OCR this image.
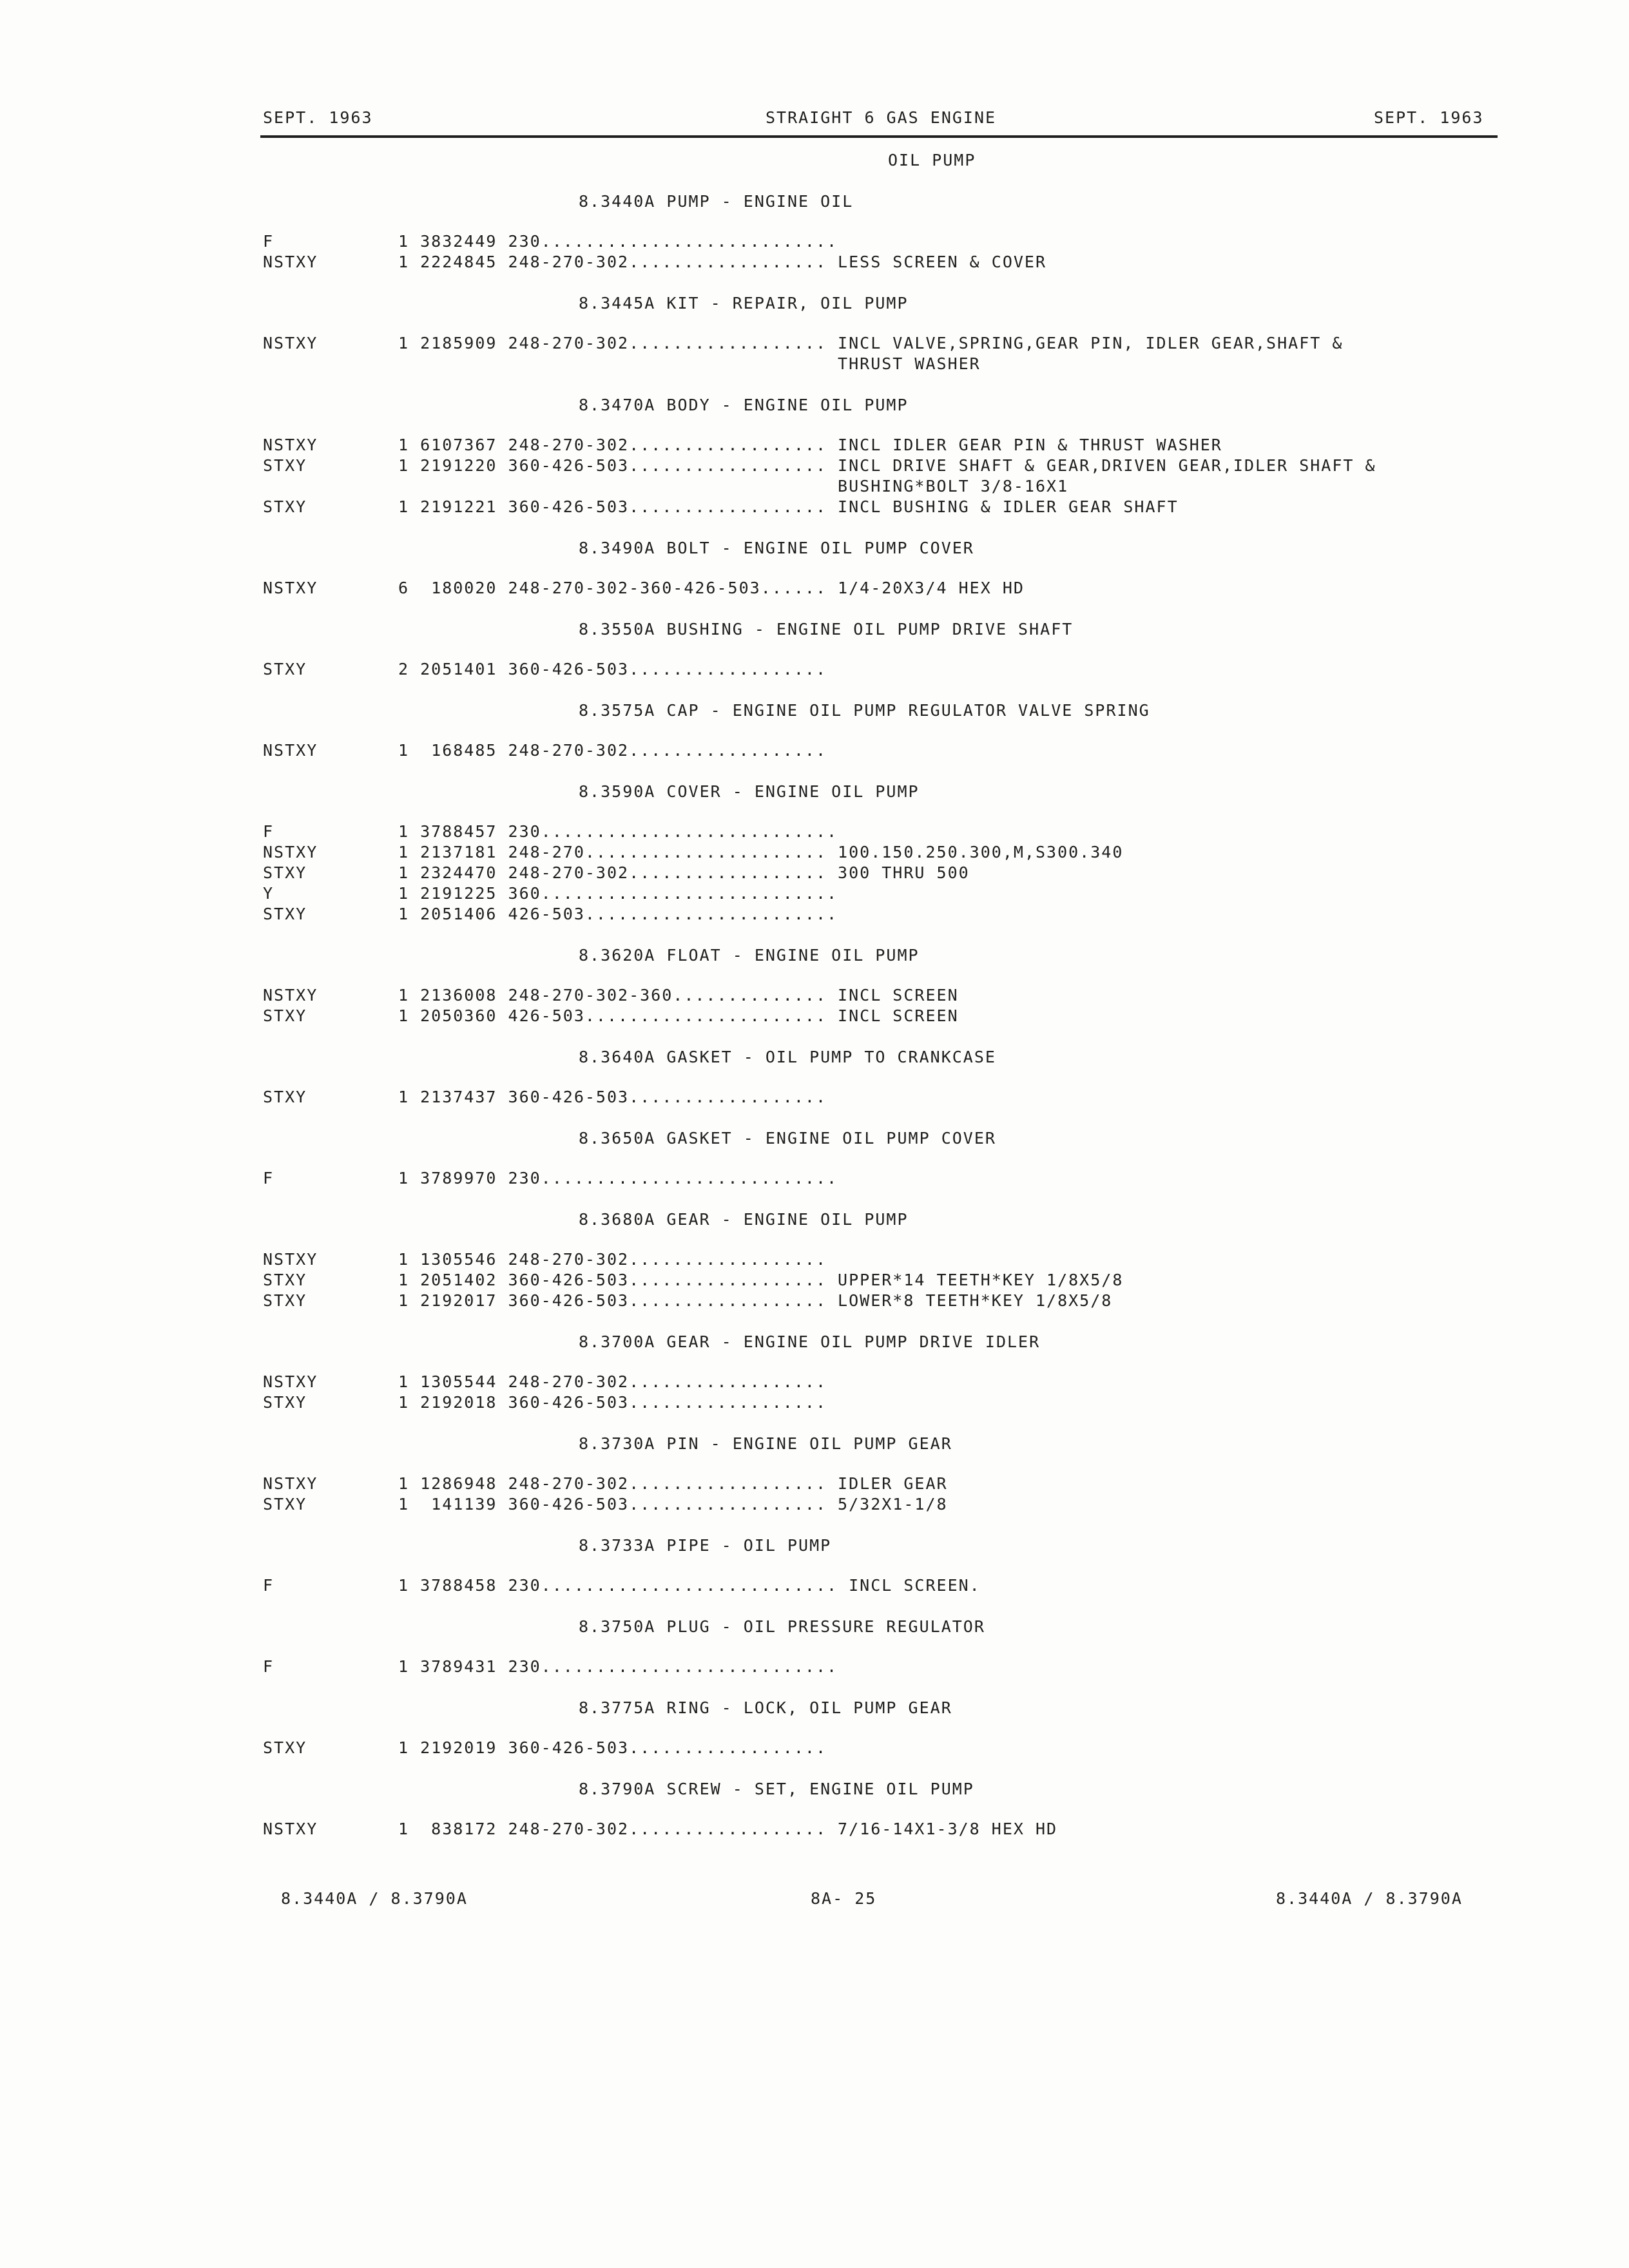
SEPT. 1963	STRAIGHT 6 GAS ENGINE	SEPT. 1963
OIL PUMP
8.3440A PUMP - ENGINE OIL
F	1 3832449 230...........................
NSTXY	1 2224845 248-270-302.................. LESS SCREEN & COVER
8.3445A KIT - REPAIR, OIL PUMP
NSTXY	1 2185909 248-270-302.................. INCL VALVE,SPRING,GEAR PIN, IDLER GEAR,SHAFT &
THRUST WASHER
8.3470A BODY - ENGINE OIL PUMP
NSTXY	1 6107367 248-270-302.................. INCL IDLER GEAR PIN & THRUST WASHER
STXY	1 2191220 360-426-503.................. INCL DRIVE SHAFT & GEAR,DRIVEN GEAR,IDLER SHAFT &
BUSHING*BOLT 3/8-16X1
STXY	1 2191221 360-426-503.................. INCL BUSHING & IDLER GEAR SHAFT
8.3490A BOLT - ENGINE OIL PUMP COVER
NSTXY	6  180020 248-270-302-360-426-503...... 1/4-20X3/4 HEX HD
8.3550A BUSHING - ENGINE OIL PUMP DRIVE SHAFT
STXY	2 2051401 360-426-503..................
8.3575A CAP - ENGINE OIL PUMP REGULATOR VALVE SPRING
NSTXY	1  168485 248-270-302..................
8.3590A COVER - ENGINE OIL PUMP
F	1 3788457 230...........................
NSTXY	1 2137181 248-270...................... 100.150.250.300,M,S300.340
STXY	1 2324470 248-270-302.................. 300 THRU 500
Y	1 2191225 360...........................
STXY	1 2051406 426-503.......................
8.3620A FLOAT - ENGINE OIL PUMP
NSTXY	1 2136008 248-270-302-360.............. INCL SCREEN
STXY	1 2050360 426-503...................... INCL SCREEN
8.3640A GASKET - OIL PUMP TO CRANKCASE
STXY	1 2137437 360-426-503..................
8.3650A GASKET - ENGINE OIL PUMP COVER
F	1 3789970 230...........................
8.3680A GEAR - ENGINE OIL PUMP
NSTXY	1 1305546 248-270-302..................
STXY	1 2051402 360-426-503.................. UPPER*14 TEETH*KEY 1/8X5/8
STXY	1 2192017 360-426-503.................. LOWER*8 TEETH*KEY 1/8X5/8
8.3700A GEAR - ENGINE OIL PUMP DRIVE IDLER
NSTXY	1 1305544 248-270-302..................
STXY	1 2192018 360-426-503..................
8.3730A PIN - ENGINE OIL PUMP GEAR
NSTXY	1 1286948 248-270-302.................. IDLER GEAR
STXY	1  141139 360-426-503.................. 5/32X1-1/8
8.3733A PIPE - OIL PUMP
F	1 3788458 230........................... INCL SCREEN.
8.3750A PLUG - OIL PRESSURE REGULATOR
F	1 3789431 230...........................
8.3775A RING - LOCK, OIL PUMP GEAR
STXY	1 2192019 360-426-503..................
8.3790A SCREW - SET, ENGINE OIL PUMP
NSTXY	1  838172 248-270-302.................. 7/16-14X1-3/8 HEX HD
8.3440A / 8.3790A	8A- 25	8.3440A / 8.3790A
